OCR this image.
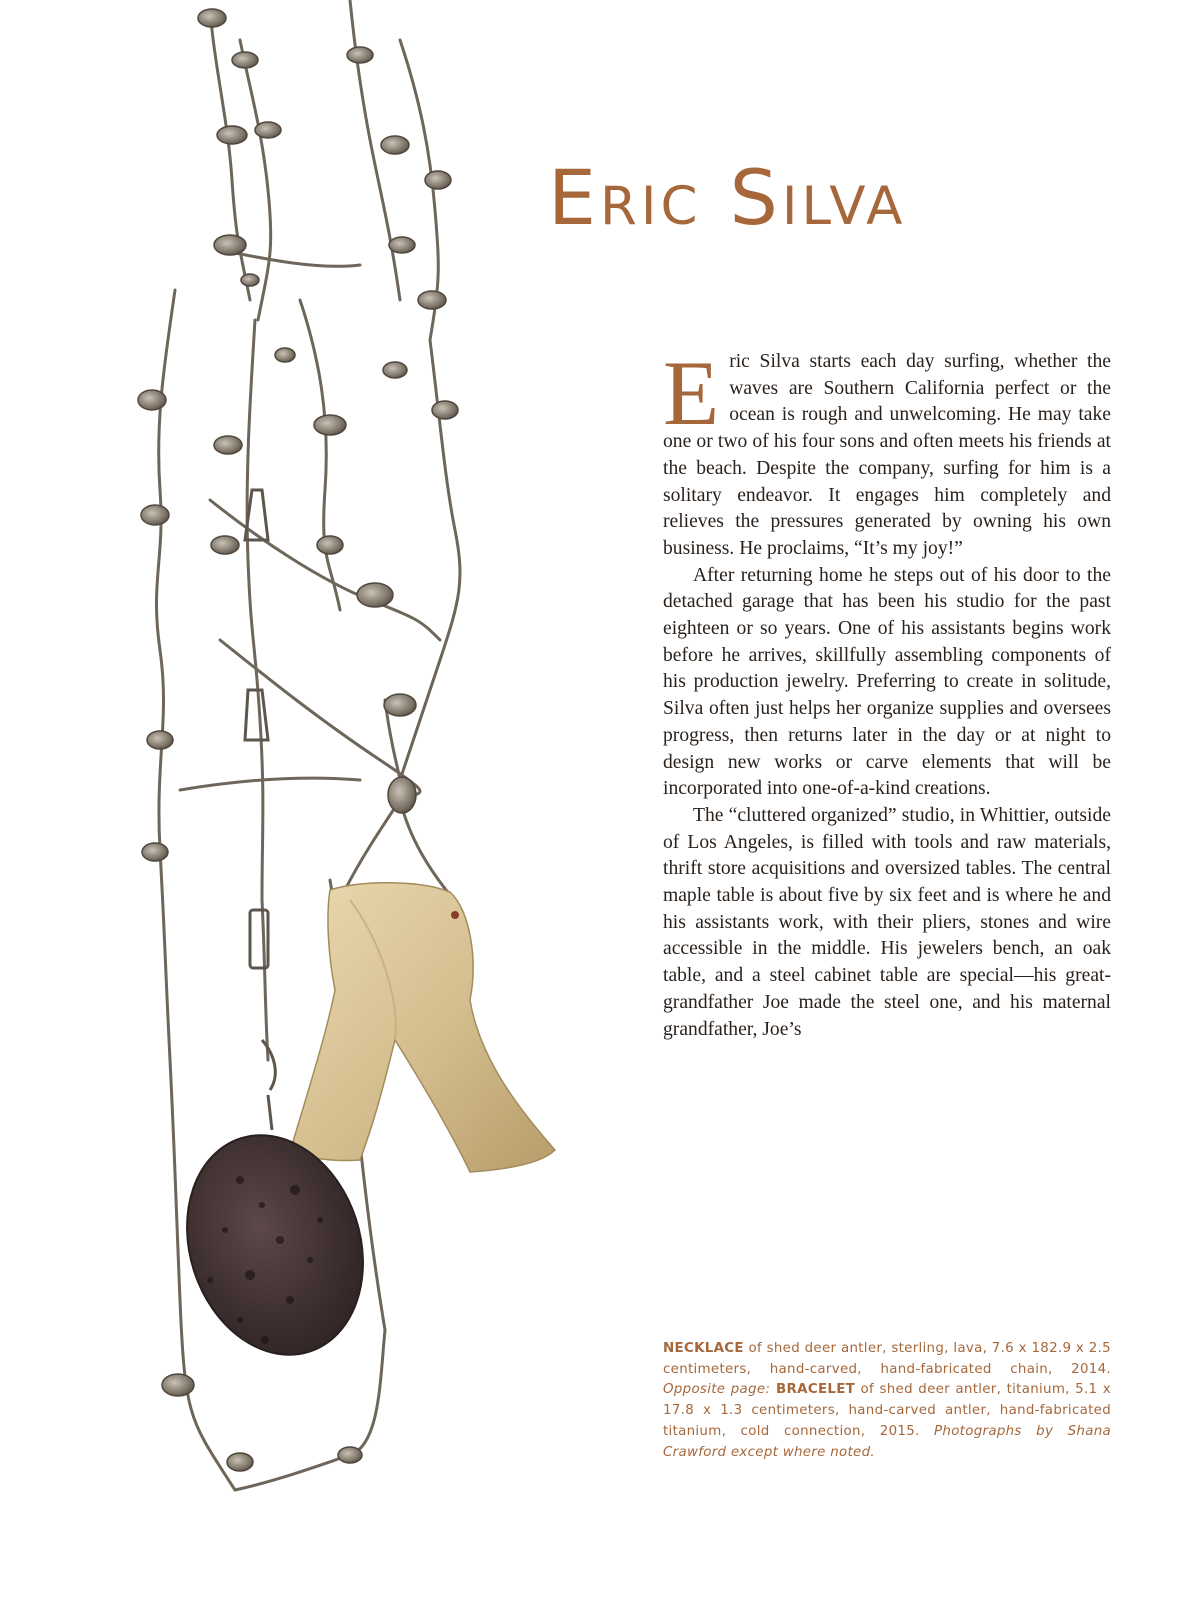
Eric Silva

Eric Silva starts each day surfing, whether the waves are Southern California perfect or the ocean is rough and unwelcoming. He may take one or two of his four sons and often meets his friends at the beach. Despite the company, surfing for him is a solitary endeavor. It engages him completely and relieves the pressures generated by owning his own business. He proclaims, “It’s my joy!”

After returning home he steps out of his door to the detached garage that has been his studio for the past eighteen or so years. One of his assistants begins work before he arrives, skillfully assembling components of his production jewelry. Preferring to create in solitude, Silva often just helps her organize supplies and oversees progress, then returns later in the day or at night to design new works or carve elements that will be incorporated into one-of-a-kind creations.

The “cluttered organized” studio, in Whittier, outside of Los Angeles, is filled with tools and raw materials, thrift store acquisitions and oversized tables. The central maple table is about five by six feet and is where he and his assistants work, with their pliers, stones and wire accessible in the middle. His jewelers bench, an oak table, and a steel cabinet table are special—his great-grandfather Joe made the steel one, and his maternal grandfather, Joe’s

NECKLACE of shed deer antler, sterling, lava, 7.6 x 182.9 x 2.5 centimeters, hand-carved, hand-fabricated chain, 2014. Opposite page: BRACELET of shed deer antler, titanium, 5.1 x 17.8 x 1.3 centimeters, hand-carved antler, hand-fabricated titanium, cold connection, 2015. Photographs by Shana Crawford except where noted.
